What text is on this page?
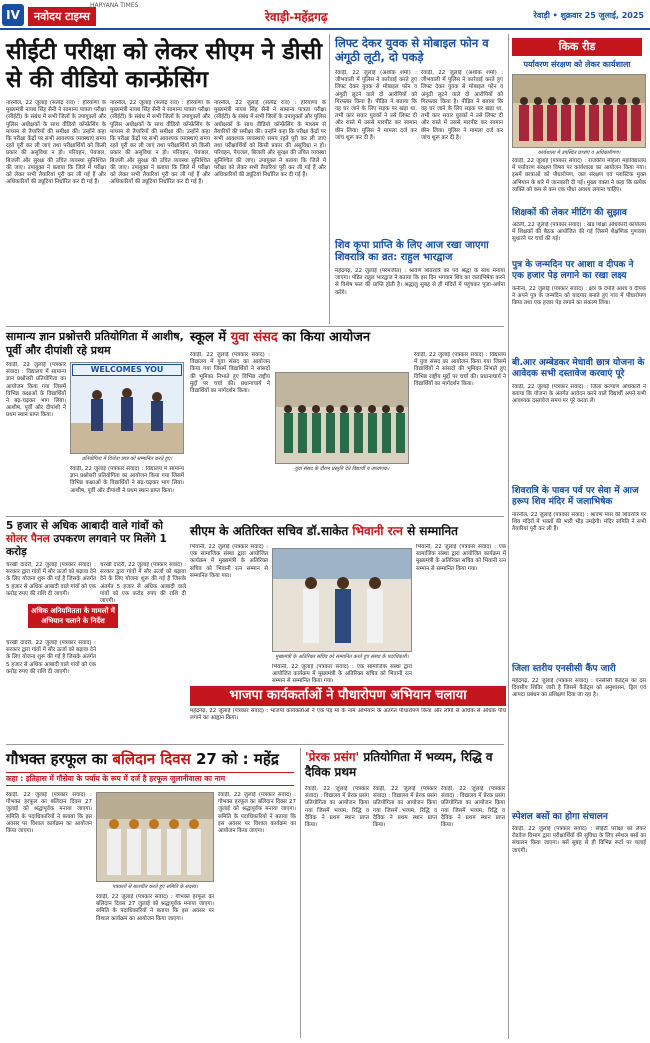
IV	नवोदय टाइम्स
HARYANA TIMES
रेवाड़ी-महेंद्रगढ़	रेवाड़ी • शुक्रवार 25 जुलाई, 2025
सीईटी परीक्षा को लेकर सीएम ने डीसी से की वीडियो कान्फ्रेंसिंग
नारनौल, 22 जुलाई (सत्येंद्र राव) : हरियाणा के मुख्यमंत्री नायब सिंह सैनी ने सामान्य पात्रता परीक्षा (सीईटी) के संबंध में सभी जिलों के उपायुक्तों और पुलिस अधीक्षकों के साथ वीडियो कॉन्फ्रेंसिंग के माध्यम से तैयारियों की समीक्षा की। उन्होंने कहा कि परीक्षा केंद्रों पर सभी आवश्यक व्यवस्थाएं समय रहते पूरी कर ली जाएं तथा परीक्षार्थियों को किसी प्रकार की असुविधा न हो। परिवहन, पेयजल, बिजली और सुरक्षा की उचित व्यवस्था सुनिश्चित की जाए। उपायुक्त ने बताया कि जिले में परीक्षा को लेकर सभी तैयारियां पूरी कर ली गई हैं और अधिकारियों की ड्यूटियां निर्धारित कर दी गई हैं।
नारनौल, 22 जुलाई (सत्येंद्र राव) : हरियाणा के मुख्यमंत्री नायब सिंह सैनी ने सामान्य पात्रता परीक्षा (सीईटी) के संबंध में सभी जिलों के उपायुक्तों और पुलिस अधीक्षकों के साथ वीडियो कॉन्फ्रेंसिंग के माध्यम से तैयारियों की समीक्षा की। उन्होंने कहा कि परीक्षा केंद्रों पर सभी आवश्यक व्यवस्थाएं समय रहते पूरी कर ली जाएं तथा परीक्षार्थियों को किसी प्रकार की असुविधा न हो। परिवहन, पेयजल, बिजली और सुरक्षा की उचित व्यवस्था सुनिश्चित की जाए। उपायुक्त ने बताया कि जिले में परीक्षा को लेकर सभी तैयारियां पूरी कर ली गई हैं और अधिकारियों की ड्यूटियां निर्धारित कर दी गई हैं।
नारनौल, 22 जुलाई (सत्येंद्र राव) : हरियाणा के मुख्यमंत्री नायब सिंह सैनी ने सामान्य पात्रता परीक्षा (सीईटी) के संबंध में सभी जिलों के उपायुक्तों और पुलिस अधीक्षकों के साथ वीडियो कॉन्फ्रेंसिंग के माध्यम से तैयारियों की समीक्षा की। उन्होंने कहा कि परीक्षा केंद्रों पर सभी आवश्यक व्यवस्थाएं समय रहते पूरी कर ली जाएं तथा परीक्षार्थियों को किसी प्रकार की असुविधा न हो। परिवहन, पेयजल, बिजली और सुरक्षा की उचित व्यवस्था सुनिश्चित की जाए। उपायुक्त ने बताया कि जिले में परीक्षा को लेकर सभी तैयारियां पूरी कर ली गई हैं और अधिकारियों की ड्यूटियां निर्धारित कर दी गई हैं।
लिफ्ट देकर युवक से मोबाइल फोन व अंगूठी लूटी, दो पकड़े
रेवाड़ी, 22 जुलाई (अशोक शर्मा) : जीभवाली में पुलिस ने कार्रवाई करते हुए लिफ्ट देकर युवक से मोबाइल फोन व अंगूठी लूटने वाले दो आरोपियों को गिरफ्तार किया है। पीड़ित ने बताया कि वह घर जाने के लिए सड़क पर खड़ा था, तभी कार सवार युवकों ने उसे लिफ्ट दी और रास्ते में उससे मारपीट कर सामान छीन लिया। पुलिस ने मामला दर्ज कर जांच शुरू कर दी है।
रेवाड़ी, 22 जुलाई (अशोक शर्मा) : जीभवाली में पुलिस ने कार्रवाई करते हुए लिफ्ट देकर युवक से मोबाइल फोन व अंगूठी लूटने वाले दो आरोपियों को गिरफ्तार किया है। पीड़ित ने बताया कि वह घर जाने के लिए सड़क पर खड़ा था, तभी कार सवार युवकों ने उसे लिफ्ट दी और रास्ते में उससे मारपीट कर सामान छीन लिया। पुलिस ने मामला दर्ज कर जांच शुरू कर दी है।
शिव कृपा प्राप्ति के लिए आज रखा जाएगा शिवरात्रि का व्रत: राहुल भारद्वाज
महेंद्रगढ़, 22 जुलाई (परमजीत) : श्रावण शिवरात्रि का पर्व श्रद्धा के साथ मनाया जाएगा। पंडित राहुल भारद्वाज ने बताया कि इस दिन भगवान शिव का जलाभिषेक करने से विशेष फल की प्राप्ति होती है। श्रद्धालु सुबह से ही मंदिरों में पहुंचकर पूजा-अर्चना करेंगे।
किक रीड
पर्यावरण संरक्षण को लेकर कार्यशाला
कार्यशाला में उपस्थित छात्राएं व अधिकारीगण।
रेवाड़ी, 22 जुलाई (पत्रकार संवाद) : राजकीय महिला महाविद्यालय में पर्यावरण संरक्षण विषय पर कार्यशाला का आयोजन किया गया। इसमें छात्राओं को पौधारोपण, जल संरक्षण एवं प्लास्टिक मुक्त अभियान के बारे में जानकारी दी गई। मुख्य वक्ता ने कहा कि प्रत्येक व्यक्ति को कम से कम एक पौधा अवश्य लगाना चाहिए।
शिक्षकों की लेकर मीटिंग की सुझाव
अटेली, 22 जुलाई (पत्रकार संवाद) : खंड शिक्षा अधिकारी कार्यालय में शिक्षकों की बैठक आयोजित की गई जिसमें शैक्षणिक गुणवत्ता सुधारने पर चर्चा की गई।
पुत्र के जन्मदिन पर आशा व दीपक ने एक हजार पेड़ लगाने का रखा लक्ष्य
कनीना, 22 जुलाई (पत्रकार संवाद) : क्षेत्र के दंपति आशा व दीपक ने अपने पुत्र के जन्मदिन को यादगार बनाते हुए गांव में पौधारोपण किया तथा एक हजार पेड़ लगाने का संकल्प लिया।
बी.आर अम्बेडकर मेधावी छात्र योजना के आवेदक सभी दस्तावेज करवाएं पूरे
रेवाड़ी, 22 जुलाई (पत्रकार संवाद) : जिला कल्याण अधिकारी ने बताया कि योजना के अंतर्गत आवेदन करने वाले विद्यार्थी अपने सभी आवश्यक दस्तावेज समय पर पूरे करवा लें।
शिवरात्रि के पावन पर्व पर सेवा में आज हरूप शिव मंदिर में जलाभिषेक
नारनौल, 22 जुलाई (पत्रकार संवाद) : श्रावण मास की शिवरात्रि पर शिव मंदिरों में भक्तों की भारी भीड़ उमड़ेगी। मंदिर समिति ने सभी तैयारियां पूरी कर ली हैं।
जिला स्तरीय एनसीसी कैंप जारी
महेंद्रगढ़, 22 जुलाई (पत्रकार संवाद) : एनसीसी कैडेट्स का दस दिवसीय शिविर जारी है जिसमें कैडेट्स को अनुशासन, ड्रिल एवं आपदा प्रबंधन का प्रशिक्षण दिया जा रहा है।
स्पेशल बसों का होगा संचालन
रेवाड़ी, 22 जुलाई (पत्रकार संवाद) : सीईटी परीक्षा को लेकर रोडवेज विभाग द्वारा परीक्षार्थियों की सुविधा के लिए स्पेशल बसों का संचालन किया जाएगा। बसें सुबह से ही विभिन्न रूटों पर चलाई जाएंगी।
सामान्य ज्ञान प्रश्नोत्तरी प्रतियोगिता में आशीष, पूर्वी और दीपांशी रहे प्रथम
WELCOMES YOU
प्रतियोगिता में विजेता छात्र को सम्मानित करते हुए।
रेवाड़ी, 22 जुलाई (पत्रकार संवाद) : विद्यालय में सामान्य ज्ञान प्रश्नोत्तरी प्रतियोगिता का आयोजन किया गया जिसमें विभिन्न कक्षाओं के विद्यार्थियों ने बढ़-चढ़कर भाग लिया। आशीष, पूर्वी और दीपांशी ने प्रथम स्थान प्राप्त किया।
रेवाड़ी, 22 जुलाई (पत्रकार संवाद) : विद्यालय में सामान्य ज्ञान प्रश्नोत्तरी प्रतियोगिता का आयोजन किया गया जिसमें विभिन्न कक्षाओं के विद्यार्थियों ने बढ़-चढ़कर भाग लिया। आशीष, पूर्वी और दीपांशी ने प्रथम स्थान प्राप्त किया।
स्कूल में युवा संसद का किया आयोजन
युवा संसद के दौरान प्रस्तुति देते विद्यार्थी व अध्यापक।
रेवाड़ी, 22 जुलाई (पत्रकार संवाद) : विद्यालय में युवा संसद का आयोजन किया गया जिसमें विद्यार्थियों ने सांसदों की भूमिका निभाते हुए विभिन्न राष्ट्रीय मुद्दों पर चर्चा की। प्रधानाचार्य ने विद्यार्थियों का मार्गदर्शन किया।
रेवाड़ी, 22 जुलाई (पत्रकार संवाद) : विद्यालय में युवा संसद का आयोजन किया गया जिसमें विद्यार्थियों ने सांसदों की भूमिका निभाते हुए विभिन्न राष्ट्रीय मुद्दों पर चर्चा की। प्रधानाचार्य ने विद्यार्थियों का मार्गदर्शन किया।
5 हजार से अधिक आबादी वाले गांवों को सोलर पैनल उपकरण लगवाने पर मिलेंगे 1 करोड़
अधिक अनियमितता के मामलों में अभियान चलाने के निर्देश
चरखी दादरी, 22 जुलाई (पत्रकार संवाद) : सरकार द्वारा गांवों में सौर ऊर्जा को बढ़ावा देने के लिए योजना शुरू की गई है जिसके अंतर्गत 5 हजार से अधिक आबादी वाले गांवों को एक करोड़ रुपए की राशि दी जाएगी।
चरखी दादरी, 22 जुलाई (पत्रकार संवाद) : सरकार द्वारा गांवों में सौर ऊर्जा को बढ़ावा देने के लिए योजना शुरू की गई है जिसके अंतर्गत 5 हजार से अधिक आबादी वाले गांवों को एक करोड़ रुपए की राशि दी जाएगी।
चरखी दादरी, 22 जुलाई (पत्रकार संवाद) : सरकार द्वारा गांवों में सौर ऊर्जा को बढ़ावा देने के लिए योजना शुरू की गई है जिसके अंतर्गत 5 हजार से अधिक आबादी वाले गांवों को एक करोड़ रुपए की राशि दी जाएगी।
सीएम के अतिरिक्त सचिव डॉ.साकेत भिवानी रत्न से सम्मानित
मुख्यमंत्री के अतिरिक्त सचिव को सम्मानित करते हुए संस्था के पदाधिकारी।
भिवानी, 22 जुलाई (पत्रकार संवाद) : एक सामाजिक संस्था द्वारा आयोजित कार्यक्रम में मुख्यमंत्री के अतिरिक्त सचिव को भिवानी रत्न सम्मान से सम्मानित किया गया।
भिवानी, 22 जुलाई (पत्रकार संवाद) : एक सामाजिक संस्था द्वारा आयोजित कार्यक्रम में मुख्यमंत्री के अतिरिक्त सचिव को भिवानी रत्न सम्मान से सम्मानित किया गया।
भिवानी, 22 जुलाई (पत्रकार संवाद) : एक सामाजिक संस्था द्वारा आयोजित कार्यक्रम में मुख्यमंत्री के अतिरिक्त सचिव को भिवानी रत्न सम्मान से सम्मानित किया गया।
भाजपा कार्यकर्ताओं ने पौधारोपण अभियान चलाया
महेंद्रगढ़, 22 जुलाई (पत्रकार संवाद) : भाजपा कार्यकर्ताओं ने एक पेड़ मां के नाम अभियान के अंतर्गत पौधारोपण किया और लोगों से अधिक से अधिक पौधे लगाने का आह्वान किया।
गौभक्त हरफूल का बलिदान दिवस 27 को : महेंद्र
कहा : इतिहास में गौसेवा के पर्याय के रूप में दर्ज है हरफूल जुलानीवाला का नाम
पत्रकारों से बातचीत करते हुए समिति के सदस्य।
रेवाड़ी, 22 जुलाई (पत्रकार संवाद) : गौभक्त हरफूल का बलिदान दिवस 27 जुलाई को श्रद्धापूर्वक मनाया जाएगा। समिति के पदाधिकारियों ने बताया कि इस अवसर पर विशाल कार्यक्रम का आयोजन किया जाएगा।
रेवाड़ी, 22 जुलाई (पत्रकार संवाद) : गौभक्त हरफूल का बलिदान दिवस 27 जुलाई को श्रद्धापूर्वक मनाया जाएगा। समिति के पदाधिकारियों ने बताया कि इस अवसर पर विशाल कार्यक्रम का आयोजन किया जाएगा।
रेवाड़ी, 22 जुलाई (पत्रकार संवाद) : गौभक्त हरफूल का बलिदान दिवस 27 जुलाई को श्रद्धापूर्वक मनाया जाएगा। समिति के पदाधिकारियों ने बताया कि इस अवसर पर विशाल कार्यक्रम का आयोजन किया जाएगा।
'प्रेरक प्रसंग' प्रतियोगिता में भव्यम, रिद्धि व दैविक प्रथम
रेवाड़ी, 22 जुलाई (पत्रकार संवाद) : विद्यालय में प्रेरक प्रसंग प्रतियोगिता का आयोजन किया गया जिसमें भव्यम, रिद्धि व दैविक ने प्रथम स्थान प्राप्त किया।
रेवाड़ी, 22 जुलाई (पत्रकार संवाद) : विद्यालय में प्रेरक प्रसंग प्रतियोगिता का आयोजन किया गया जिसमें भव्यम, रिद्धि व दैविक ने प्रथम स्थान प्राप्त किया।
रेवाड़ी, 22 जुलाई (पत्रकार संवाद) : विद्यालय में प्रेरक प्रसंग प्रतियोगिता का आयोजन किया गया जिसमें भव्यम, रिद्धि व दैविक ने प्रथम स्थान प्राप्त किया।
